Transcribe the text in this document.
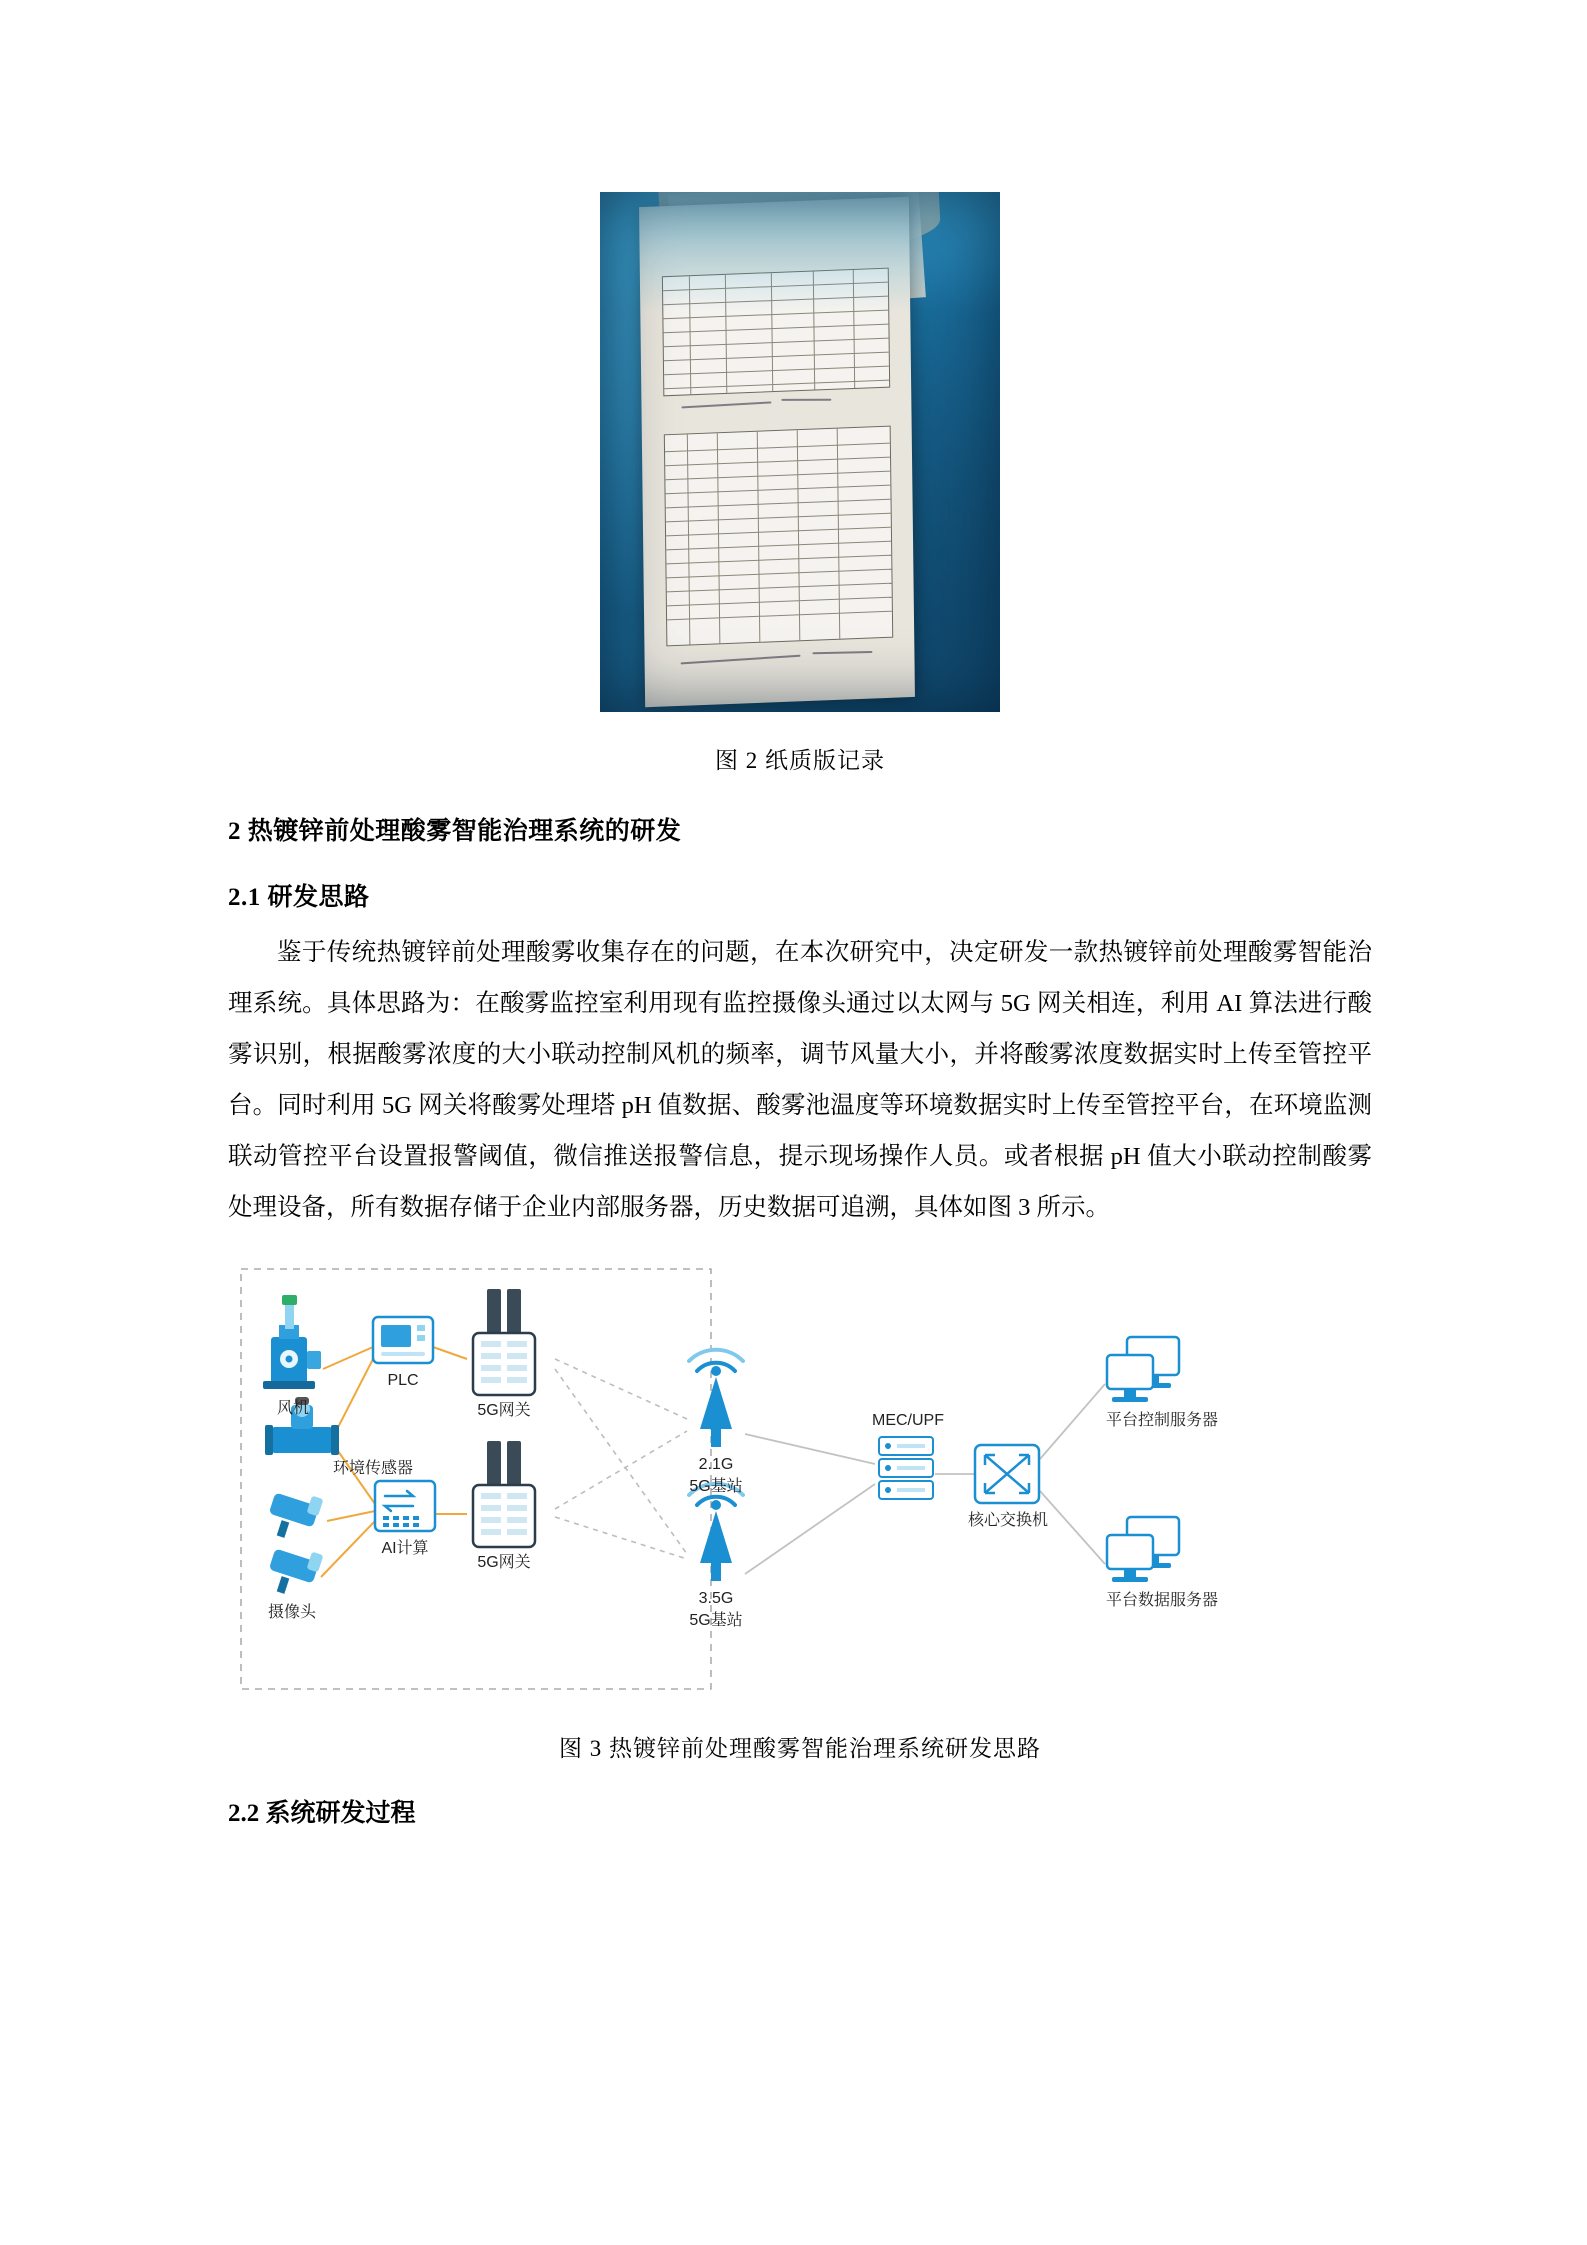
图 2 纸质版记录
2 热镀锌前处理酸雾智能治理系统的研发
2.1 研发思路

鉴于传统热镀锌前处理酸雾收集存在的问题，在本次研究中，决定研发一款热镀锌前处理酸雾智能治理系统。具体思路为：在酸雾监控室利用现有监控摄像头通过以太网与 5G 网关相连，利用 AI 算法进行酸雾识别，根据酸雾浓度的大小联动控制风机的频率，调节风量大小，并将酸雾浓度数据实时上传至管控平台。同时利用 5G 网关将酸雾处理塔 pH 值数据、酸雾池温度等环境数据实时上传至管控平台，在环境监测联动管控平台设置报警阈值，微信推送报警信息，提示现场操作人员。或者根据 pH 值大小联动控制酸雾处理设备，所有数据存储于企业内部服务器，历史数据可追溯，具体如图 3 所示。

风机
环境传感器
摄像头
PLC
AI计算
5G网关
5G网关
2.1G
5G基站
3.5G
5G基站
MEC/UPF
核心交换机
平台控制服务器
平台数据服务器
图 3 热镀锌前处理酸雾智能治理系统研发思路
2.2 系统研发过程
